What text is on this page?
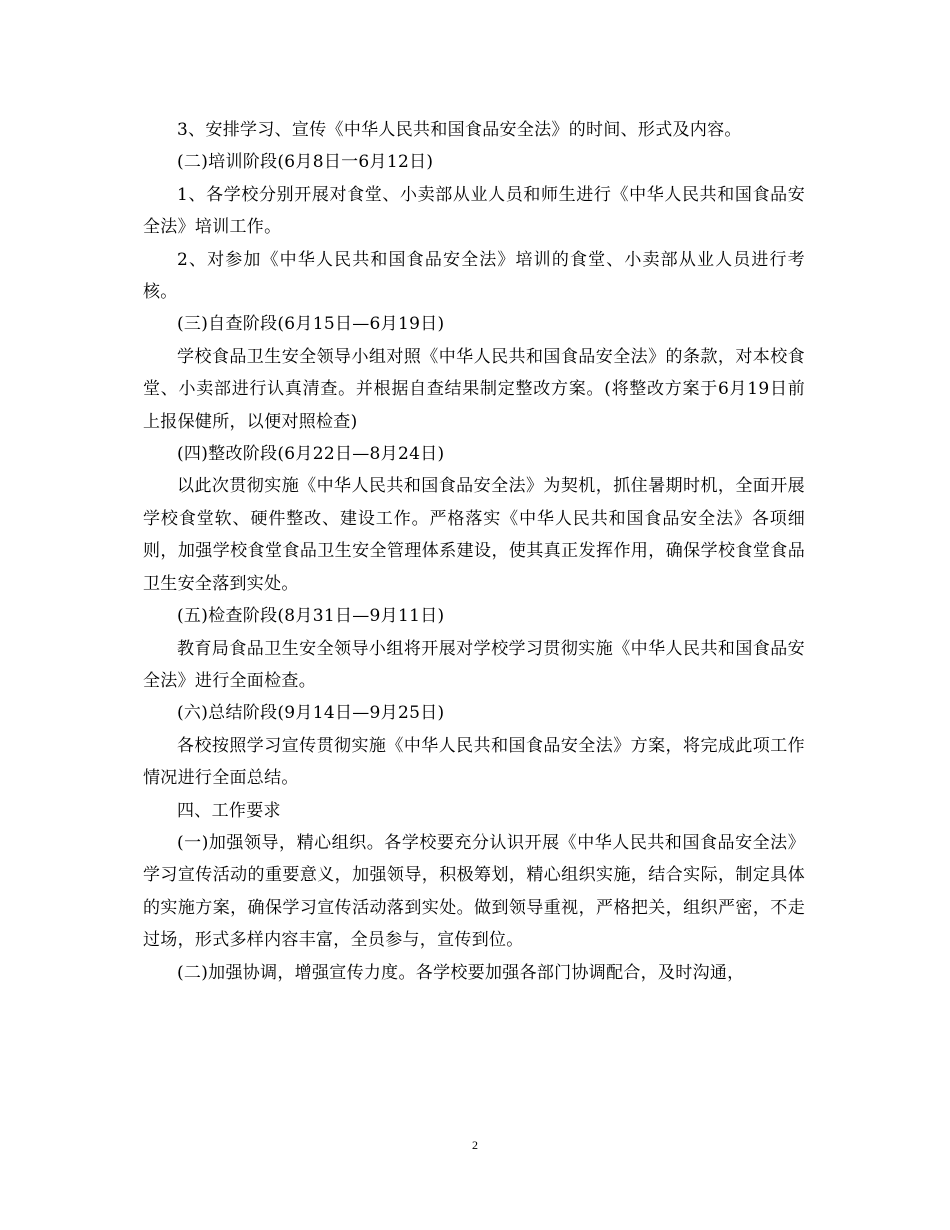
3、安排学习、宣传《中华人民共和国食品安全法》的时间、形式及内容。

(二)培训阶段(6月8日一6月12日)

1、各学校分别开展对食堂、小卖部从业人员和师生进行《中华人民共和国食品安全法》培训工作。

2、对参加《中华人民共和国食品安全法》培训的食堂、小卖部从业人员进行考核。

(三)自查阶段(6月15日—6月19日)

学校食品卫生安全领导小组对照《中华人民共和国食品安全法》的条款，对本校食堂、小卖部进行认真清查。并根据自查结果制定整改方案。(将整改方案于6月19日前上报保健所，以便对照检查)

(四)整改阶段(6月22日—8月24日)

以此次贯彻实施《中华人民共和国食品安全法》为契机，抓住暑期时机，全面开展学校食堂软、硬件整改、建设工作。严格落实《中华人民共和国食品安全法》各项细则，加强学校食堂食品卫生安全管理体系建设，使其真正发挥作用，确保学校食堂食品卫生安全落到实处。

(五)检查阶段(8月31日—9月11日)

教育局食品卫生安全领导小组将开展对学校学习贯彻实施《中华人民共和国食品安全法》进行全面检查。

(六)总结阶段(9月14日—9月25日)

各校按照学习宣传贯彻实施《中华人民共和国食品安全法》方案，将完成此项工作情况进行全面总结。

四、工作要求

(一)加强领导，精心组织。各学校要充分认识开展《中华人民共和国食品安全法》学习宣传活动的重要意义，加强领导，积极筹划，精心组织实施，结合实际，制定具体的实施方案，确保学习宣传活动落到实处。做到领导重视，严格把关，组织严密，不走过场，形式多样内容丰富，全员参与，宣传到位。

(二)加强协调，增强宣传力度。各学校要加强各部门协调配合，及时沟通，

2
